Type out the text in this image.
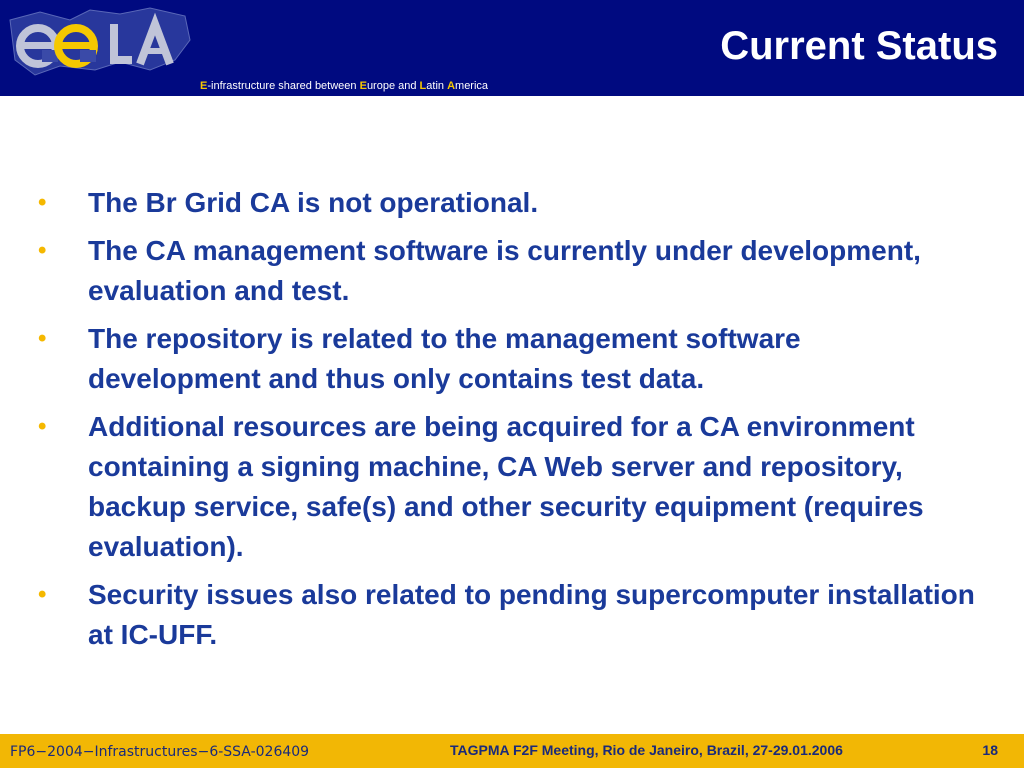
Current Status
E-infrastructure shared between Europe and Latin America
• The Br Grid CA is not operational.
• The CA management software is currently under development, evaluation and test.
• The repository is related to the management software development and thus only contains test data.
• Additional resources are being acquired for a CA environment containing a signing machine, CA Web server and repository, backup service, safe(s) and other security equipment (requires evaluation).
• Security issues also related to pending supercomputer installation at IC-UFF.
FP6−2004−Infrastructures−6-SSA-026409	TAGPMA F2F Meeting, Rio de Janeiro, Brazil, 27-29.01.2006	18
